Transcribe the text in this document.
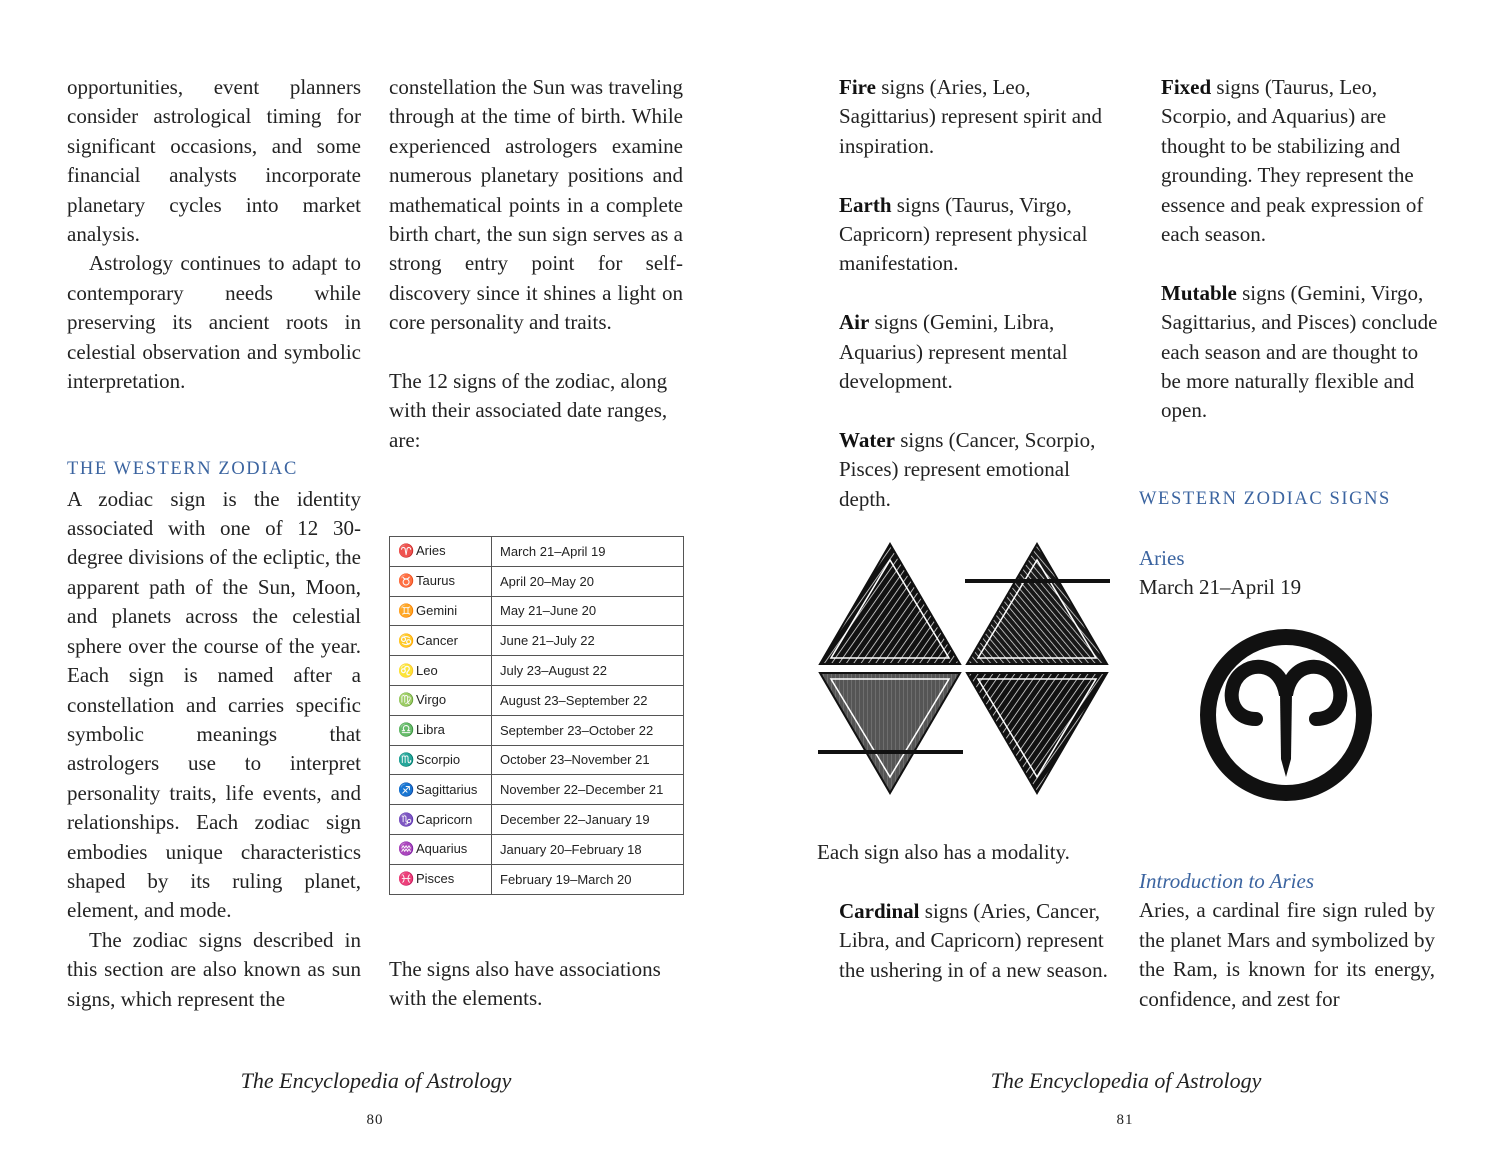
opportunities, event planners consider astrological timing for significant occasions, and some financial analysts incorporate planetary cycles into market analysis.

Astrology continues to adapt to contemporary needs while preserving its ancient roots in celestial observation and symbolic interpretation.

THE WESTERN ZODIAC

A zodiac sign is the identity associated with one of 12 30-degree divisions of the ecliptic, the apparent path of the Sun, Moon, and planets across the celestial sphere over the course of the year. Each sign is named after a constellation and carries specific symbolic meanings that astrologers use to interpret personality traits, life events, and relationships. Each zodiac sign embodies unique characteristics shaped by its ruling planet, element, and mode.

The zodiac signs described in this section are also known as sun signs, which represent the

constellation the Sun was traveling through at the time of birth. While experienced astrologers examine numerous planetary positions and mathematical points in a complete birth chart, the sun sign serves as a strong entry point for self-discovery since it shines a light on core personality and traits.

The 12 signs of the zodiac, along with their associated date ranges, are:

♈ Aries	March 21–April 19
♉ Taurus	April 20–May 20
♊ Gemini	May 21–June 20
♋ Cancer	June 21–July 22
♌ Leo	July 23–August 22
♍ Virgo	August 23–September 22
♎ Libra	September 23–October 22
♏ Scorpio	October 23–November 21
♐ Sagittarius	November 22–December 21
♑ Capricorn	December 22–January 19
♒ Aquarius	January 20–February 18
♓ Pisces	February 19–March 20

The signs also have associations with the elements.

The Encyclopedia of Astrology
80

Fire signs (Aries, Leo, Sagittarius) represent spirit and inspiration.

Earth signs (Taurus, Virgo, Capricorn) represent physical manifestation.

Air signs (Gemini, Libra, Aquarius) represent mental development.

Water signs (Cancer, Scorpio, Pisces) represent emotional depth.

Each sign also has a modality.

Cardinal signs (Aries, Cancer, Libra, and Capricorn) represent the ushering in of a new season.

Fixed signs (Taurus, Leo, Scorpio, and Aquarius) are thought to be stabilizing and grounding. They represent the essence and peak expression of each season.

Mutable signs (Gemini, Virgo, Sagittarius, and Pisces) conclude each season and are thought to be more naturally flexible and open.

WESTERN ZODIAC SIGNS

Aries

March 21–April 19

Introduction to Aries

Aries, a cardinal fire sign ruled by the planet Mars and symbolized by the Ram, is known for its energy, confidence, and zest for

The Encyclopedia of Astrology
81
